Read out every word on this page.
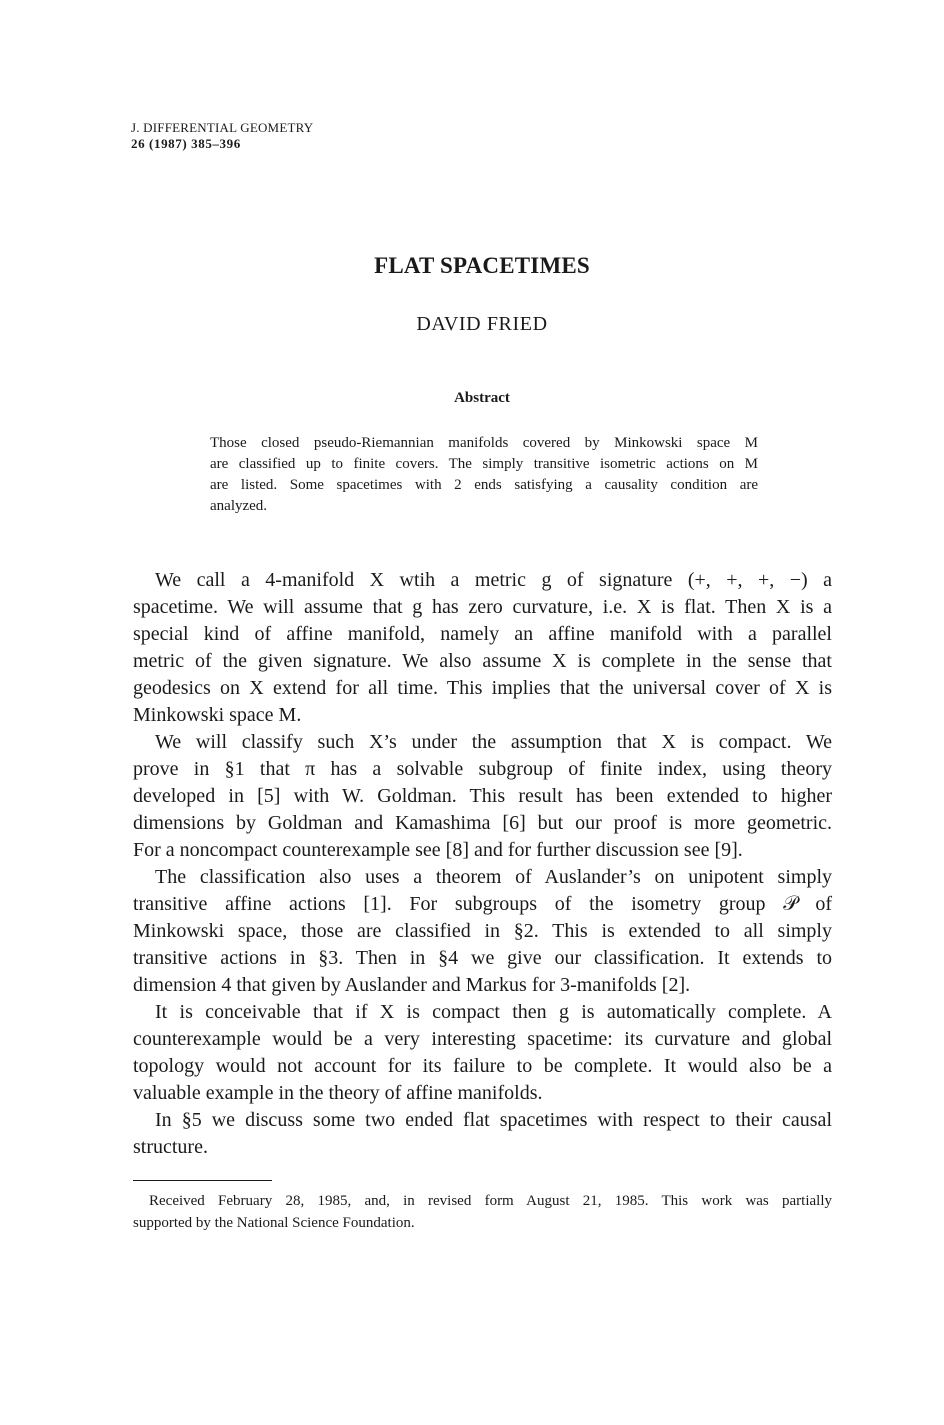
J. DIFFERENTIAL GEOMETRY
26 (1987) 385–396
FLAT SPACETIMES
DAVID FRIED
Abstract
Those closed pseudo-Riemannian manifolds covered by Minkowski space M
are classified up to finite covers. The simply transitive isometric actions on M
are listed. Some spacetimes with 2 ends satisfying a causality condition are
analyzed.
We call a 4-manifold X wtih a metric g of signature (+, +, +, −) a
spacetime. We will assume that g has zero curvature, i.e. X is flat. Then X is a
special kind of affine manifold, namely an affine manifold with a parallel
metric of the given signature. We also assume X is complete in the sense that
geodesics on X extend for all time. This implies that the universal cover of X is
Minkowski space M.
We will classify such X’s under the assumption that X is compact. We
prove in §1 that π has a solvable subgroup of finite index, using theory
developed in [5] with W. Goldman. This result has been extended to higher
dimensions by Goldman and Kamashima [6] but our proof is more geometric.
For a noncompact counterexample see [8] and for further discussion see [9].
The classification also uses a theorem of Auslander’s on unipotent simply
transitive affine actions [1]. For subgroups of the isometry group 𝒫 of
Minkowski space, those are classified in §2. This is extended to all simply
transitive actions in §3. Then in §4 we give our classification. It extends to
dimension 4 that given by Auslander and Markus for 3-manifolds [2].
It is conceivable that if X is compact then g is automatically complete. A
counterexample would be a very interesting spacetime: its curvature and global
topology would not account for its failure to be complete. It would also be a
valuable example in the theory of affine manifolds.
In §5 we discuss some two ended flat spacetimes with respect to their causal
structure.
Received February 28, 1985, and, in revised form August 21, 1985. This work was partially
supported by the National Science Foundation.
